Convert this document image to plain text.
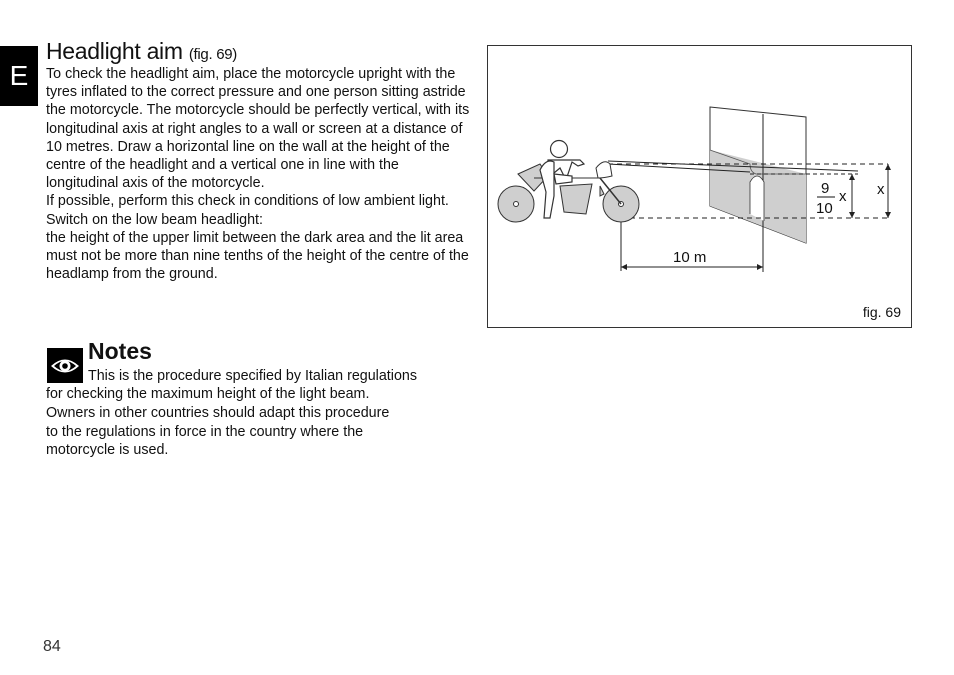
E
Headlight aim (fig. 69)

To check the headlight aim, place the motorcycle upright with the tyres inflated to the correct pressure and one person sitting astride the motorcycle. The motorcycle should be perfectly vertical, with its longitudinal axis at right angles to a wall or screen at a distance of 10 metres. Draw a horizontal line on the wall at the height of the centre of the headlight and a vertical one in line with the longitudinal axis of the motorcycle.

If possible, perform this check in conditions of low ambient light.

Switch on the low beam headlight:

the height of the upper limit between the dark area and the lit area must not be more than nine tenths of the height of the centre of the headlamp from the ground.

Notes

This is the procedure specified by Italian regulations

for checking the maximum height of the light beam.

Owners in other countries should adapt this procedure

to the regulations in force in the country where the

motorcycle is used.

10 m
9
10
x x
fig. 69
84
